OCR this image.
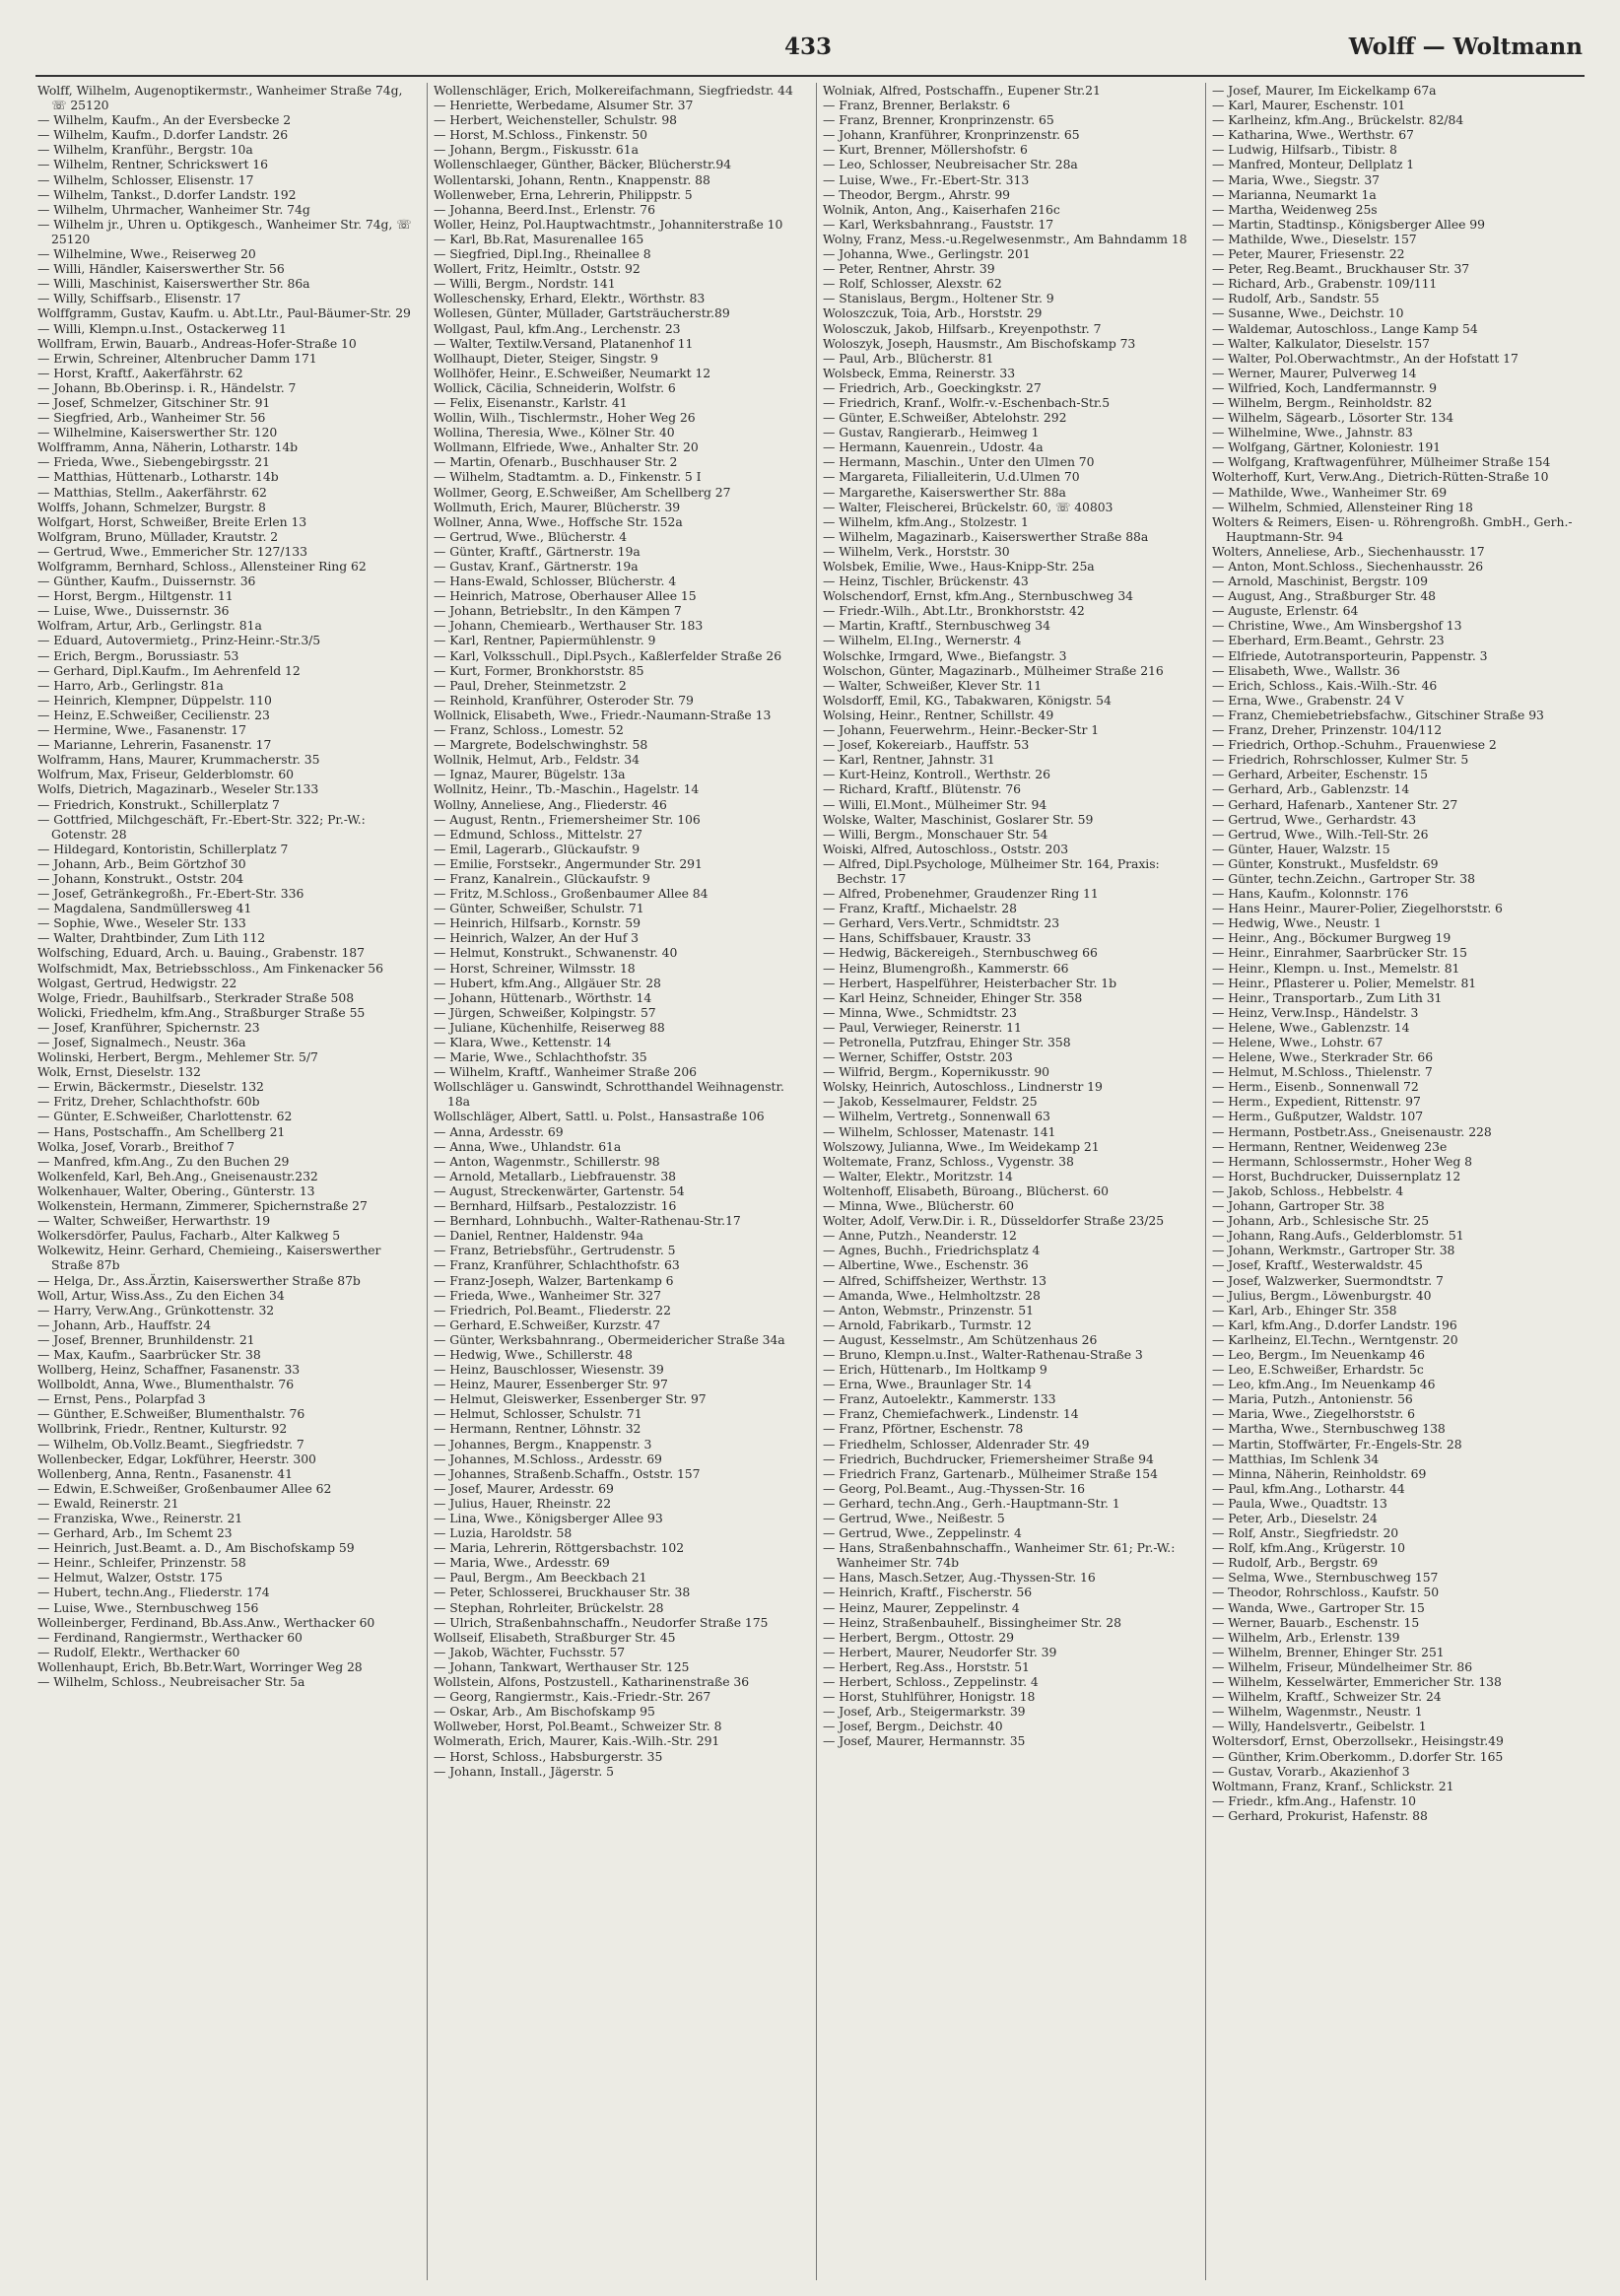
433	Wolff — Woltmann
Wolff, Wilhelm, Augenoptikermstr., Wanheimer Straße 74g, ☏ 25120
— Wilhelm, Kaufm., An der Eversbecke 2
— Wilhelm, Kaufm., D.dorfer Landstr. 26
— Wilhelm, Kranführ., Bergstr. 10a
— Wilhelm, Rentner, Schrickswert 16
— Wilhelm, Schlosser, Elisenstr. 17
— Wilhelm, Tankst., D.dorfer Landstr. 192
— Wilhelm, Uhrmacher, Wanheimer Str. 74g
— Wilhelm jr., Uhren u. Optikgesch., Wanheimer Str. 74g, ☏ 25120
— Wilhelmine, Wwe., Reiserweg 20
— Willi, Händler, Kaiserswerther Str. 56
— Willi, Maschinist, Kaiserswerther Str. 86a
— Willy, Schiffsarb., Elisenstr. 17
Wolffgramm, Gustav, Kaufm. u. Abt.Ltr., Paul-Bäumer-Str. 29
— Willi, Klempn.u.Inst., Ostackerweg 11
Wollfram, Erwin, Bauarb., Andreas-Hofer-Straße 10
— Erwin, Schreiner, Altenbrucher Damm 171
— Horst, Kraftf., Aakerfährstr. 62
— Johann, Bb.Oberinsp. i. R., Händelstr. 7
— Josef, Schmelzer, Gitschiner Str. 91
— Siegfried, Arb., Wanheimer Str. 56
— Wilhelmine, Kaiserswerther Str. 120
Wolfframm, Anna, Näherin, Lotharstr. 14b
— Frieda, Wwe., Siebengebirgsstr. 21
— Matthias, Hüttenarb., Lotharstr. 14b
— Matthias, Stellm., Aakerfährstr. 62
Wolffs, Johann, Schmelzer, Burgstr. 8
Wolfgart, Horst, Schweißer, Breite Erlen 13
Wolfgram, Bruno, Müllader, Krautstr. 2
— Gertrud, Wwe., Emmericher Str. 127/133
Wolfgramm, Bernhard, Schloss., Allensteiner Ring 62
— Günther, Kaufm., Duissernstr. 36
— Horst, Bergm., Hiltgenstr. 11
— Luise, Wwe., Duissernstr. 36
Wolfram, Artur, Arb., Gerlingstr. 81a
— Eduard, Autovermietg., Prinz-Heinr.-Str.3/5
— Erich, Bergm., Borussiastr. 53
— Gerhard, Dipl.Kaufm., Im Aehrenfeld 12
— Harro, Arb., Gerlingstr. 81a
— Heinrich, Klempner, Düppelstr. 110
— Heinz, E.Schweißer, Cecilienstr. 23
— Hermine, Wwe., Fasanenstr. 17
— Marianne, Lehrerin, Fasanenstr. 17
Wolframm, Hans, Maurer, Krummacherstr. 35
Wolfrum, Max, Friseur, Gelderblomstr. 60
Wolfs, Dietrich, Magazinarb., Weseler Str.133
— Friedrich, Konstrukt., Schillerplatz 7
— Gottfried, Milchgeschäft, Fr.-Ebert-Str. 322; Pr.-W.: Gotenstr. 28
— Hildegard, Kontoristin, Schillerplatz 7
— Johann, Arb., Beim Görtzhof 30
— Johann, Konstrukt., Oststr. 204
— Josef, Getränkegroßh., Fr.-Ebert-Str. 336
— Magdalena, Sandmüllersweg 41
— Sophie, Wwe., Weseler Str. 133
— Walter, Drahtbinder, Zum Lith 112
Wolfsching, Eduard, Arch. u. Bauing., Grabenstr. 187
Wolfschmidt, Max, Betriebsschloss., Am Finkenacker 56
Wolgast, Gertrud, Hedwigstr. 22
Wolge, Friedr., Bauhilfsarb., Sterkrader Straße 508
Wolicki, Friedhelm, kfm.Ang., Straßburger Straße 55
— Josef, Kranführer, Spichernstr. 23
— Josef, Signalmech., Neustr. 36a
Wolinski, Herbert, Bergm., Mehlemer Str. 5/7
Wolk, Ernst, Dieselstr. 132
— Erwin, Bäckermstr., Dieselstr. 132
— Fritz, Dreher, Schlachthofstr. 60b
— Günter, E.Schweißer, Charlottenstr. 62
— Hans, Postschaffn., Am Schellberg 21
Wolka, Josef, Vorarb., Breithof 7
— Manfred, kfm.Ang., Zu den Buchen 29
Wolkenfeld, Karl, Beh.Ang., Gneisenaustr.232
Wolkenhauer, Walter, Obering., Günterstr. 13
Wolkenstein, Hermann, Zimmerer, Spichernstraße 27
— Walter, Schweißer, Herwarthstr. 19
Wolkersdörfer, Paulus, Facharb., Alter Kalkweg 5
Wolkewitz, Heinr. Gerhard, Chemieing., Kaiserswerther Straße 87b
— Helga, Dr., Ass.Ärztin, Kaiserswerther Straße 87b
Woll, Artur, Wiss.Ass., Zu den Eichen 34
— Harry, Verw.Ang., Grünkottenstr. 32
— Johann, Arb., Hauffstr. 24
— Josef, Brenner, Brunhildenstr. 21
— Max, Kaufm., Saarbrücker Str. 38
Wollberg, Heinz, Schaffner, Fasanenstr. 33
Wollboldt, Anna, Wwe., Blumenthalstr. 76
— Ernst, Pens., Polarpfad 3
— Günther, E.Schweißer, Blumenthalstr. 76
Wollbrink, Friedr., Rentner, Kulturstr. 92
— Wilhelm, Ob.Vollz.Beamt., Siegfriedstr. 7
Wollenbecker, Edgar, Lokführer, Heerstr. 300
Wollenberg, Anna, Rentn., Fasanenstr. 41
— Edwin, E.Schweißer, Großenbaumer Allee 62
— Ewald, Reinerstr. 21
— Franziska, Wwe., Reinerstr. 21
— Gerhard, Arb., Im Schemt 23
— Heinrich, Just.Beamt. a. D., Am Bischofskamp 59
— Heinr., Schleifer, Prinzenstr. 58
— Helmut, Walzer, Oststr. 175
— Hubert, techn.Ang., Fliederstr. 174
— Luise, Wwe., Sternbuschweg 156
Wolleinberger, Ferdinand, Bb.Ass.Anw., Werthacker 60
— Ferdinand, Rangiermstr., Werthacker 60
— Rudolf, Elektr., Werthacker 60
Wollenhaupt, Erich, Bb.Betr.Wart, Worringer Weg 28
— Wilhelm, Schloss., Neubreisacher Str. 5a
Wollenschläger, Erich, Molkereifachmann, Siegfriedstr. 44
— Henriette, Werbedame, Alsumer Str. 37
— Herbert, Weichensteller, Schulstr. 98
— Horst, M.Schloss., Finkenstr. 50
— Johann, Bergm., Fiskusstr. 61a
Wollenschlaeger, Günther, Bäcker, Blücherstr.94
Wollentarski, Johann, Rentn., Knappenstr. 88
Wollenweber, Erna, Lehrerin, Philippstr. 5
— Johanna, Beerd.Inst., Erlenstr. 76
Woller, Heinz, Pol.Hauptwachtmstr., Johanniterstraße 10
— Karl, Bb.Rat, Masurenallee 165
— Siegfried, Dipl.Ing., Rheinallee 8
Wollert, Fritz, Heimltr., Oststr. 92
— Willi, Bergm., Nordstr. 141
Wolleschensky, Erhard, Elektr., Wörthstr. 83
Wollesen, Günter, Müllader, Gartsträucherstr.89
Wollgast, Paul, kfm.Ang., Lerchenstr. 23
— Walter, Textilw.Versand, Platanenhof 11
Wollhaupt, Dieter, Steiger, Singstr. 9
Wollhöfer, Heinr., E.Schweißer, Neumarkt 12
Wollick, Cäcilia, Schneiderin, Wolfstr. 6
— Felix, Eisenanstr., Karlstr. 41
Wollin, Wilh., Tischlermstr., Hoher Weg 26
Wollina, Theresia, Wwe., Kölner Str. 40
Wollmann, Elfriede, Wwe., Anhalter Str. 20
— Martin, Ofenarb., Buschhauser Str. 2
— Wilhelm, Stadtamtm. a. D., Finkenstr. 5 I
Wollmer, Georg, E.Schweißer, Am Schellberg 27
Wollmuth, Erich, Maurer, Blücherstr. 39
Wollner, Anna, Wwe., Hoffsche Str. 152a
— Gertrud, Wwe., Blücherstr. 4
— Günter, Kraftf., Gärtnerstr. 19a
— Gustav, Kranf., Gärtnerstr. 19a
— Hans-Ewald, Schlosser, Blücherstr. 4
— Heinrich, Matrose, Oberhauser Allee 15
— Johann, Betriebsltr., In den Kämpen 7
— Johann, Chemiearb., Werthauser Str. 183
— Karl, Rentner, Papiermühlenstr. 9
— Karl, Volksschull., Dipl.Psych., Kaßlerfelder Straße 26
— Kurt, Former, Bronkhorststr. 85
— Paul, Dreher, Steinmetzstr. 2
— Reinhold, Kranführer, Osteroder Str. 79
Wollnick, Elisabeth, Wwe., Friedr.-Naumann-Straße 13
— Franz, Schloss., Lomestr. 52
— Margrete, Bodelschwinghstr. 58
Wollnik, Helmut, Arb., Feldstr. 34
— Ignaz, Maurer, Bügelstr. 13a
Wollnitz, Heinr., Tb.-Maschin., Hagelstr. 14
Wollny, Anneliese, Ang., Fliederstr. 46
— August, Rentn., Friemersheimer Str. 106
— Edmund, Schloss., Mittelstr. 27
— Emil, Lagerarb., Glückaufstr. 9
— Emilie, Forstsekr., Angermunder Str. 291
— Franz, Kanalrein., Glückaufstr. 9
— Fritz, M.Schloss., Großenbaumer Allee 84
— Günter, Schweißer, Schulstr. 71
— Heinrich, Hilfsarb., Kornstr. 59
— Heinrich, Walzer, An der Huf 3
— Helmut, Konstrukt., Schwanenstr. 40
— Horst, Schreiner, Wilmsstr. 18
— Hubert, kfm.Ang., Allgäuer Str. 28
— Johann, Hüttenarb., Wörthstr. 14
— Jürgen, Schweißer, Kolpingstr. 57
— Juliane, Küchenhilfe, Reiserweg 88
— Klara, Wwe., Kettenstr. 14
— Marie, Wwe., Schlachthofstr. 35
— Wilhelm, Kraftf., Wanheimer Straße 206
Wollschläger u. Ganswindt, Schrotthandel Weihnagenstr. 18a
Wollschläger, Albert, Sattl. u. Polst., Hansastraße 106
— Anna, Ardesstr. 69
— Anna, Wwe., Uhlandstr. 61a
— Anton, Wagenmstr., Schillerstr. 98
— Arnold, Metallarb., Liebfrauenstr. 38
— August, Streckenwärter, Gartenstr. 54
— Bernhard, Hilfsarb., Pestalozzistr. 16
— Bernhard, Lohnbuchh., Walter-Rathenau-Str.17
— Daniel, Rentner, Haldenstr. 94a
— Franz, Betriebsführ., Gertrudenstr. 5
— Franz, Kranführer, Schlachthofstr. 63
— Franz-Joseph, Walzer, Bartenkamp 6
— Frieda, Wwe., Wanheimer Str. 327
— Friedrich, Pol.Beamt., Fliederstr. 22
— Gerhard, E.Schweißer, Kurzstr. 47
— Günter, Werksbahnrang., Obermeidericher Straße 34a
— Hedwig, Wwe., Schillerstr. 48
— Heinz, Bauschlosser, Wiesenstr. 39
— Heinz, Maurer, Essenberger Str. 97
— Helmut, Gleiswerker, Essenberger Str. 97
— Helmut, Schlosser, Schulstr. 71
— Hermann, Rentner, Löhnstr. 32
— Johannes, Bergm., Knappenstr. 3
— Johannes, M.Schloss., Ardesstr. 69
— Johannes, Straßenb.Schaffn., Oststr. 157
— Josef, Maurer, Ardesstr. 69
— Julius, Hauer, Rheinstr. 22
— Lina, Wwe., Königsberger Allee 93
— Luzia, Haroldstr. 58
— Maria, Lehrerin, Röttgersbachstr. 102
— Maria, Wwe., Ardesstr. 69
— Paul, Bergm., Am Beeckbach 21
— Peter, Schlosserei, Bruckhauser Str. 38
— Stephan, Rohrleiter, Brückelstr. 28
— Ulrich, Straßenbahnschaffn., Neudorfer Straße 175
Wollseif, Elisabeth, Straßburger Str. 45
— Jakob, Wächter, Fuchsstr. 57
— Johann, Tankwart, Werthauser Str. 125
Wollstein, Alfons, Postzustell., Katharinenstraße 36
— Georg, Rangiermstr., Kais.-Friedr.-Str. 267
— Oskar, Arb., Am Bischofskamp 95
Wollweber, Horst, Pol.Beamt., Schweizer Str. 8
Wolmerath, Erich, Maurer, Kais.-Wilh.-Str. 291
— Horst, Schloss., Habsburgerstr. 35
— Johann, Install., Jägerstr. 5
Wolniak, Alfred, Postschaffn., Eupener Str.21
— Franz, Brenner, Berlakstr. 6
— Franz, Brenner, Kronprinzenstr. 65
— Johann, Kranführer, Kronprinzenstr. 65
— Kurt, Brenner, Möllershofstr. 6
— Leo, Schlosser, Neubreisacher Str. 28a
— Luise, Wwe., Fr.-Ebert-Str. 313
— Theodor, Bergm., Ahrstr. 99
Wolnik, Anton, Ang., Kaiserhafen 216c
— Karl, Werksbahnrang., Fauststr. 17
Wolny, Franz, Mess.-u.Regelwesenmstr., Am Bahndamm 18
— Johanna, Wwe., Gerlingstr. 201
— Peter, Rentner, Ahrstr. 39
— Rolf, Schlosser, Alexstr. 62
— Stanislaus, Bergm., Holtener Str. 9
Woloszczuk, Toia, Arb., Horststr. 29
Wolosczuk, Jakob, Hilfsarb., Kreyenpothstr. 7
Woloszyk, Joseph, Hausmstr., Am Bischofskamp 73
— Paul, Arb., Blücherstr. 81
Wolsbeck, Emma, Reinerstr. 33
— Friedrich, Arb., Goeckingkstr. 27
— Friedrich, Kranf., Wolfr.-v.-Eschenbach-Str.5
— Günter, E.Schweißer, Abtelohstr. 292
— Gustav, Rangierarb., Heimweg 1
— Hermann, Kauenrein., Udostr. 4a
— Hermann, Maschin., Unter den Ulmen 70
— Margareta, Filialleiterin, U.d.Ulmen 70
— Margarethe, Kaiserswerther Str. 88a
— Walter, Fleischerei, Brückelstr. 60, ☏ 40803
— Wilhelm, kfm.Ang., Stolzestr. 1
— Wilhelm, Magazinarb., Kaiserswerther Straße 88a
— Wilhelm, Verk., Horststr. 30
Wolsbek, Emilie, Wwe., Haus-Knipp-Str. 25a
— Heinz, Tischler, Brückenstr. 43
Wolschendorf, Ernst, kfm.Ang., Sternbuschweg 34
— Friedr.-Wilh., Abt.Ltr., Bronkhorststr. 42
— Martin, Kraftf., Sternbuschweg 34
— Wilhelm, El.Ing., Wernerstr. 4
Wolschke, Irmgard, Wwe., Biefangstr. 3
Wolschon, Günter, Magazinarb., Mülheimer Straße 216
— Walter, Schweißer, Klever Str. 11
Wolsdorff, Emil, KG., Tabakwaren, Königstr. 54
Wolsing, Heinr., Rentner, Schillstr. 49
— Johann, Feuerwehrm., Heinr.-Becker-Str 1
— Josef, Kokereiarb., Hauffstr. 53
— Karl, Rentner, Jahnstr. 31
— Kurt-Heinz, Kontroll., Werthstr. 26
— Richard, Kraftf., Blütenstr. 76
— Willi, El.Mont., Mülheimer Str. 94
Wolske, Walter, Maschinist, Goslarer Str. 59
— Willi, Bergm., Monschauer Str. 54
Woiski, Alfred, Autoschloss., Oststr. 203
— Alfred, Dipl.Psychologe, Mülheimer Str. 164, Praxis: Bechstr. 17
— Alfred, Probenehmer, Graudenzer Ring 11
— Franz, Kraftf., Michaelstr. 28
— Gerhard, Vers.Vertr., Schmidtstr. 23
— Hans, Schiffsbauer, Kraustr. 33
— Hedwig, Bäckereigeh., Sternbuschweg 66
— Heinz, Blumengroßh., Kammerstr. 66
— Herbert, Haspelführer, Heisterbacher Str. 1b
— Karl Heinz, Schneider, Ehinger Str. 358
— Minna, Wwe., Schmidtstr. 23
— Paul, Verwieger, Reinerstr. 11
— Petronella, Putzfrau, Ehinger Str. 358
— Werner, Schiffer, Oststr. 203
— Wilfrid, Bergm., Kopernikusstr. 90
Wolsky, Heinrich, Autoschloss., Lindnerstr 19
— Jakob, Kesselmaurer, Feldstr. 25
— Wilhelm, Vertretg., Sonnenwall 63
— Wilhelm, Schlosser, Matenastr. 141
Wolszowy, Julianna, Wwe., Im Weidekamp 21
Woltemate, Franz, Schloss., Vygenstr. 38
— Walter, Elektr., Moritzstr. 14
Woltenhoff, Elisabeth, Büroang., Blücherst. 60
— Minna, Wwe., Blücherstr. 60
Wolter, Adolf, Verw.Dir. i. R., Düsseldorfer Straße 23/25
— Anne, Putzh., Neanderstr. 12
— Agnes, Buchh., Friedrichsplatz 4
— Albertine, Wwe., Eschenstr. 36
— Alfred, Schiffsheizer, Werthstr. 13
— Amanda, Wwe., Helmholtzstr. 28
— Anton, Webmstr., Prinzenstr. 51
— Arnold, Fabrikarb., Turmstr. 12
— August, Kesselmstr., Am Schützenhaus 26
— Bruno, Klempn.u.Inst., Walter-Rathenau-Straße 3
— Erich, Hüttenarb., Im Holtkamp 9
— Erna, Wwe., Braunlager Str. 14
— Franz, Autoelektr., Kammerstr. 133
— Franz, Chemiefachwerk., Lindenstr. 14
— Franz, Pförtner, Eschenstr. 78
— Friedhelm, Schlosser, Aldenrader Str. 49
— Friedrich, Buchdrucker, Friemersheimer Straße 94
— Friedrich Franz, Gartenarb., Mülheimer Straße 154
— Georg, Pol.Beamt., Aug.-Thyssen-Str. 16
— Gerhard, techn.Ang., Gerh.-Hauptmann-Str. 1
— Gertrud, Wwe., Neißestr. 5
— Gertrud, Wwe., Zeppelinstr. 4
— Hans, Straßenbahnschaffn., Wanheimer Str. 61; Pr.-W.: Wanheimer Str. 74b
— Hans, Masch.Setzer, Aug.-Thyssen-Str. 16
— Heinrich, Kraftf., Fischerstr. 56
— Heinz, Maurer, Zeppelinstr. 4
— Heinz, Straßenbauhelf., Bissingheimer Str. 28
— Herbert, Bergm., Ottostr. 29
— Herbert, Maurer, Neudorfer Str. 39
— Herbert, Reg.Ass., Horststr. 51
— Herbert, Schloss., Zeppelinstr. 4
— Horst, Stuhlführer, Honigstr. 18
— Josef, Arb., Steigermarkstr. 39
— Josef, Bergm., Deichstr. 40
— Josef, Maurer, Hermannstr. 35
— Josef, Maurer, Im Eickelkamp 67a
— Karl, Maurer, Eschenstr. 101
— Karlheinz, kfm.Ang., Brückelstr. 82/84
— Katharina, Wwe., Werthstr. 67
— Ludwig, Hilfsarb., Tibistr. 8
— Manfred, Monteur, Dellplatz 1
— Maria, Wwe., Siegstr. 37
— Marianna, Neumarkt 1a
— Martha, Weidenweg 25s
— Martin, Stadtinsp., Königsberger Allee 99
— Mathilde, Wwe., Dieselstr. 157
— Peter, Maurer, Friesenstr. 22
— Peter, Reg.Beamt., Bruckhauser Str. 37
— Richard, Arb., Grabenstr. 109/111
— Rudolf, Arb., Sandstr. 55
— Susanne, Wwe., Deichstr. 10
— Waldemar, Autoschloss., Lange Kamp 54
— Walter, Kalkulator, Dieselstr. 157
— Walter, Pol.Oberwachtmstr., An der Hofstatt 17
— Werner, Maurer, Pulverweg 14
— Wilfried, Koch, Landfermannstr. 9
— Wilhelm, Bergm., Reinholdstr. 82
— Wilhelm, Sägearb., Lösorter Str. 134
— Wilhelmine, Wwe., Jahnstr. 83
— Wolfgang, Gärtner, Koloniestr. 191
— Wolfgang, Kraftwagenführer, Mülheimer Straße 154
Wolterhoff, Kurt, Verw.Ang., Dietrich-Rütten-Straße 10
— Mathilde, Wwe., Wanheimer Str. 69
— Wilhelm, Schmied, Allensteiner Ring 18
Wolters & Reimers, Eisen- u. Röhrengroßh. GmbH., Gerh.-Hauptmann-Str. 94
Wolters, Anneliese, Arb., Siechenhausstr. 17
— Anton, Mont.Schloss., Siechenhausstr. 26
— Arnold, Maschinist, Bergstr. 109
— August, Ang., Straßburger Str. 48
— Auguste, Erlenstr. 64
— Christine, Wwe., Am Winsbergshof 13
— Eberhard, Erm.Beamt., Gehrstr. 23
— Elfriede, Autotransporteurin, Pappenstr. 3
— Elisabeth, Wwe., Wallstr. 36
— Erich, Schloss., Kais.-Wilh.-Str. 46
— Erna, Wwe., Grabenstr. 24 V
— Franz, Chemiebetriebsfachw., Gitschiner Straße 93
— Franz, Dreher, Prinzenstr. 104/112
— Friedrich, Orthop.-Schuhm., Frauenwiese 2
— Friedrich, Rohrschlosser, Kulmer Str. 5
— Gerhard, Arbeiter, Eschenstr. 15
— Gerhard, Arb., Gablenzstr. 14
— Gerhard, Hafenarb., Xantener Str. 27
— Gertrud, Wwe., Gerhardstr. 43
— Gertrud, Wwe., Wilh.-Tell-Str. 26
— Günter, Hauer, Walzstr. 15
— Günter, Konstrukt., Musfeldstr. 69
— Günter, techn.Zeichn., Gartroper Str. 38
— Hans, Kaufm., Kolonnstr. 176
— Hans Heinr., Maurer-Polier, Ziegelhorststr. 6
— Hedwig, Wwe., Neustr. 1
— Heinr., Ang., Böckumer Burgweg 19
— Heinr., Einrahmer, Saarbrücker Str. 15
— Heinr., Klempn. u. Inst., Memelstr. 81
— Heinr., Pflasterer u. Polier, Memelstr. 81
— Heinr., Transportarb., Zum Lith 31
— Heinz, Verw.Insp., Händelstr. 3
— Helene, Wwe., Gablenzstr. 14
— Helene, Wwe., Lohstr. 67
— Helene, Wwe., Sterkrader Str. 66
— Helmut, M.Schloss., Thielenstr. 7
— Herm., Eisenb., Sonnenwall 72
— Herm., Expedient, Rittenstr. 97
— Herm., Gußputzer, Waldstr. 107
— Hermann, Postbetr.Ass., Gneisenaustr. 228
— Hermann, Rentner, Weidenweg 23e
— Hermann, Schlossermstr., Hoher Weg 8
— Horst, Buchdrucker, Duissernplatz 12
— Jakob, Schloss., Hebbelstr. 4
— Johann, Gartroper Str. 38
— Johann, Arb., Schlesische Str. 25
— Johann, Rang.Aufs., Gelderblomstr. 51
— Johann, Werkmstr., Gartroper Str. 38
— Josef, Kraftf., Westerwaldstr. 45
— Josef, Walzwerker, Suermondtstr. 7
— Julius, Bergm., Löwenburgstr. 40
— Karl, Arb., Ehinger Str. 358
— Karl, kfm.Ang., D.dorfer Landstr. 196
— Karlheinz, El.Techn., Werntgenstr. 20
— Leo, Bergm., Im Neuenkamp 46
— Leo, E.Schweißer, Erhardstr. 5c
— Leo, kfm.Ang., Im Neuenkamp 46
— Maria, Putzh., Antonienstr. 56
— Maria, Wwe., Ziegelhorststr. 6
— Martha, Wwe., Sternbuschweg 138
— Martin, Stoffwärter, Fr.-Engels-Str. 28
— Matthias, Im Schlenk 34
— Minna, Näherin, Reinholdstr. 69
— Paul, kfm.Ang., Lotharstr. 44
— Paula, Wwe., Quadtstr. 13
— Peter, Arb., Dieselstr. 24
— Rolf, Anstr., Siegfriedstr. 20
— Rolf, kfm.Ang., Krügerstr. 10
— Rudolf, Arb., Bergstr. 69
— Selma, Wwe., Sternbuschweg 157
— Theodor, Rohrschloss., Kaufstr. 50
— Wanda, Wwe., Gartroper Str. 15
— Werner, Bauarb., Eschenstr. 15
— Wilhelm, Arb., Erlenstr. 139
— Wilhelm, Brenner, Ehinger Str. 251
— Wilhelm, Friseur, Mündelheimer Str. 86
— Wilhelm, Kesselwärter, Emmericher Str. 138
— Wilhelm, Kraftf., Schweizer Str. 24
— Wilhelm, Wagenmstr., Neustr. 1
— Willy, Handelsvertr., Geibelstr. 1
Woltersdorf, Ernst, Oberzollsekr., Heisingstr.49
— Günther, Krim.Oberkomm., D.dorfer Str. 165
— Gustav, Vorarb., Akazienhof 3
Woltmann, Franz, Kranf., Schlickstr. 21
— Friedr., kfm.Ang., Hafenstr. 10
— Gerhard, Prokurist, Hafenstr. 88
